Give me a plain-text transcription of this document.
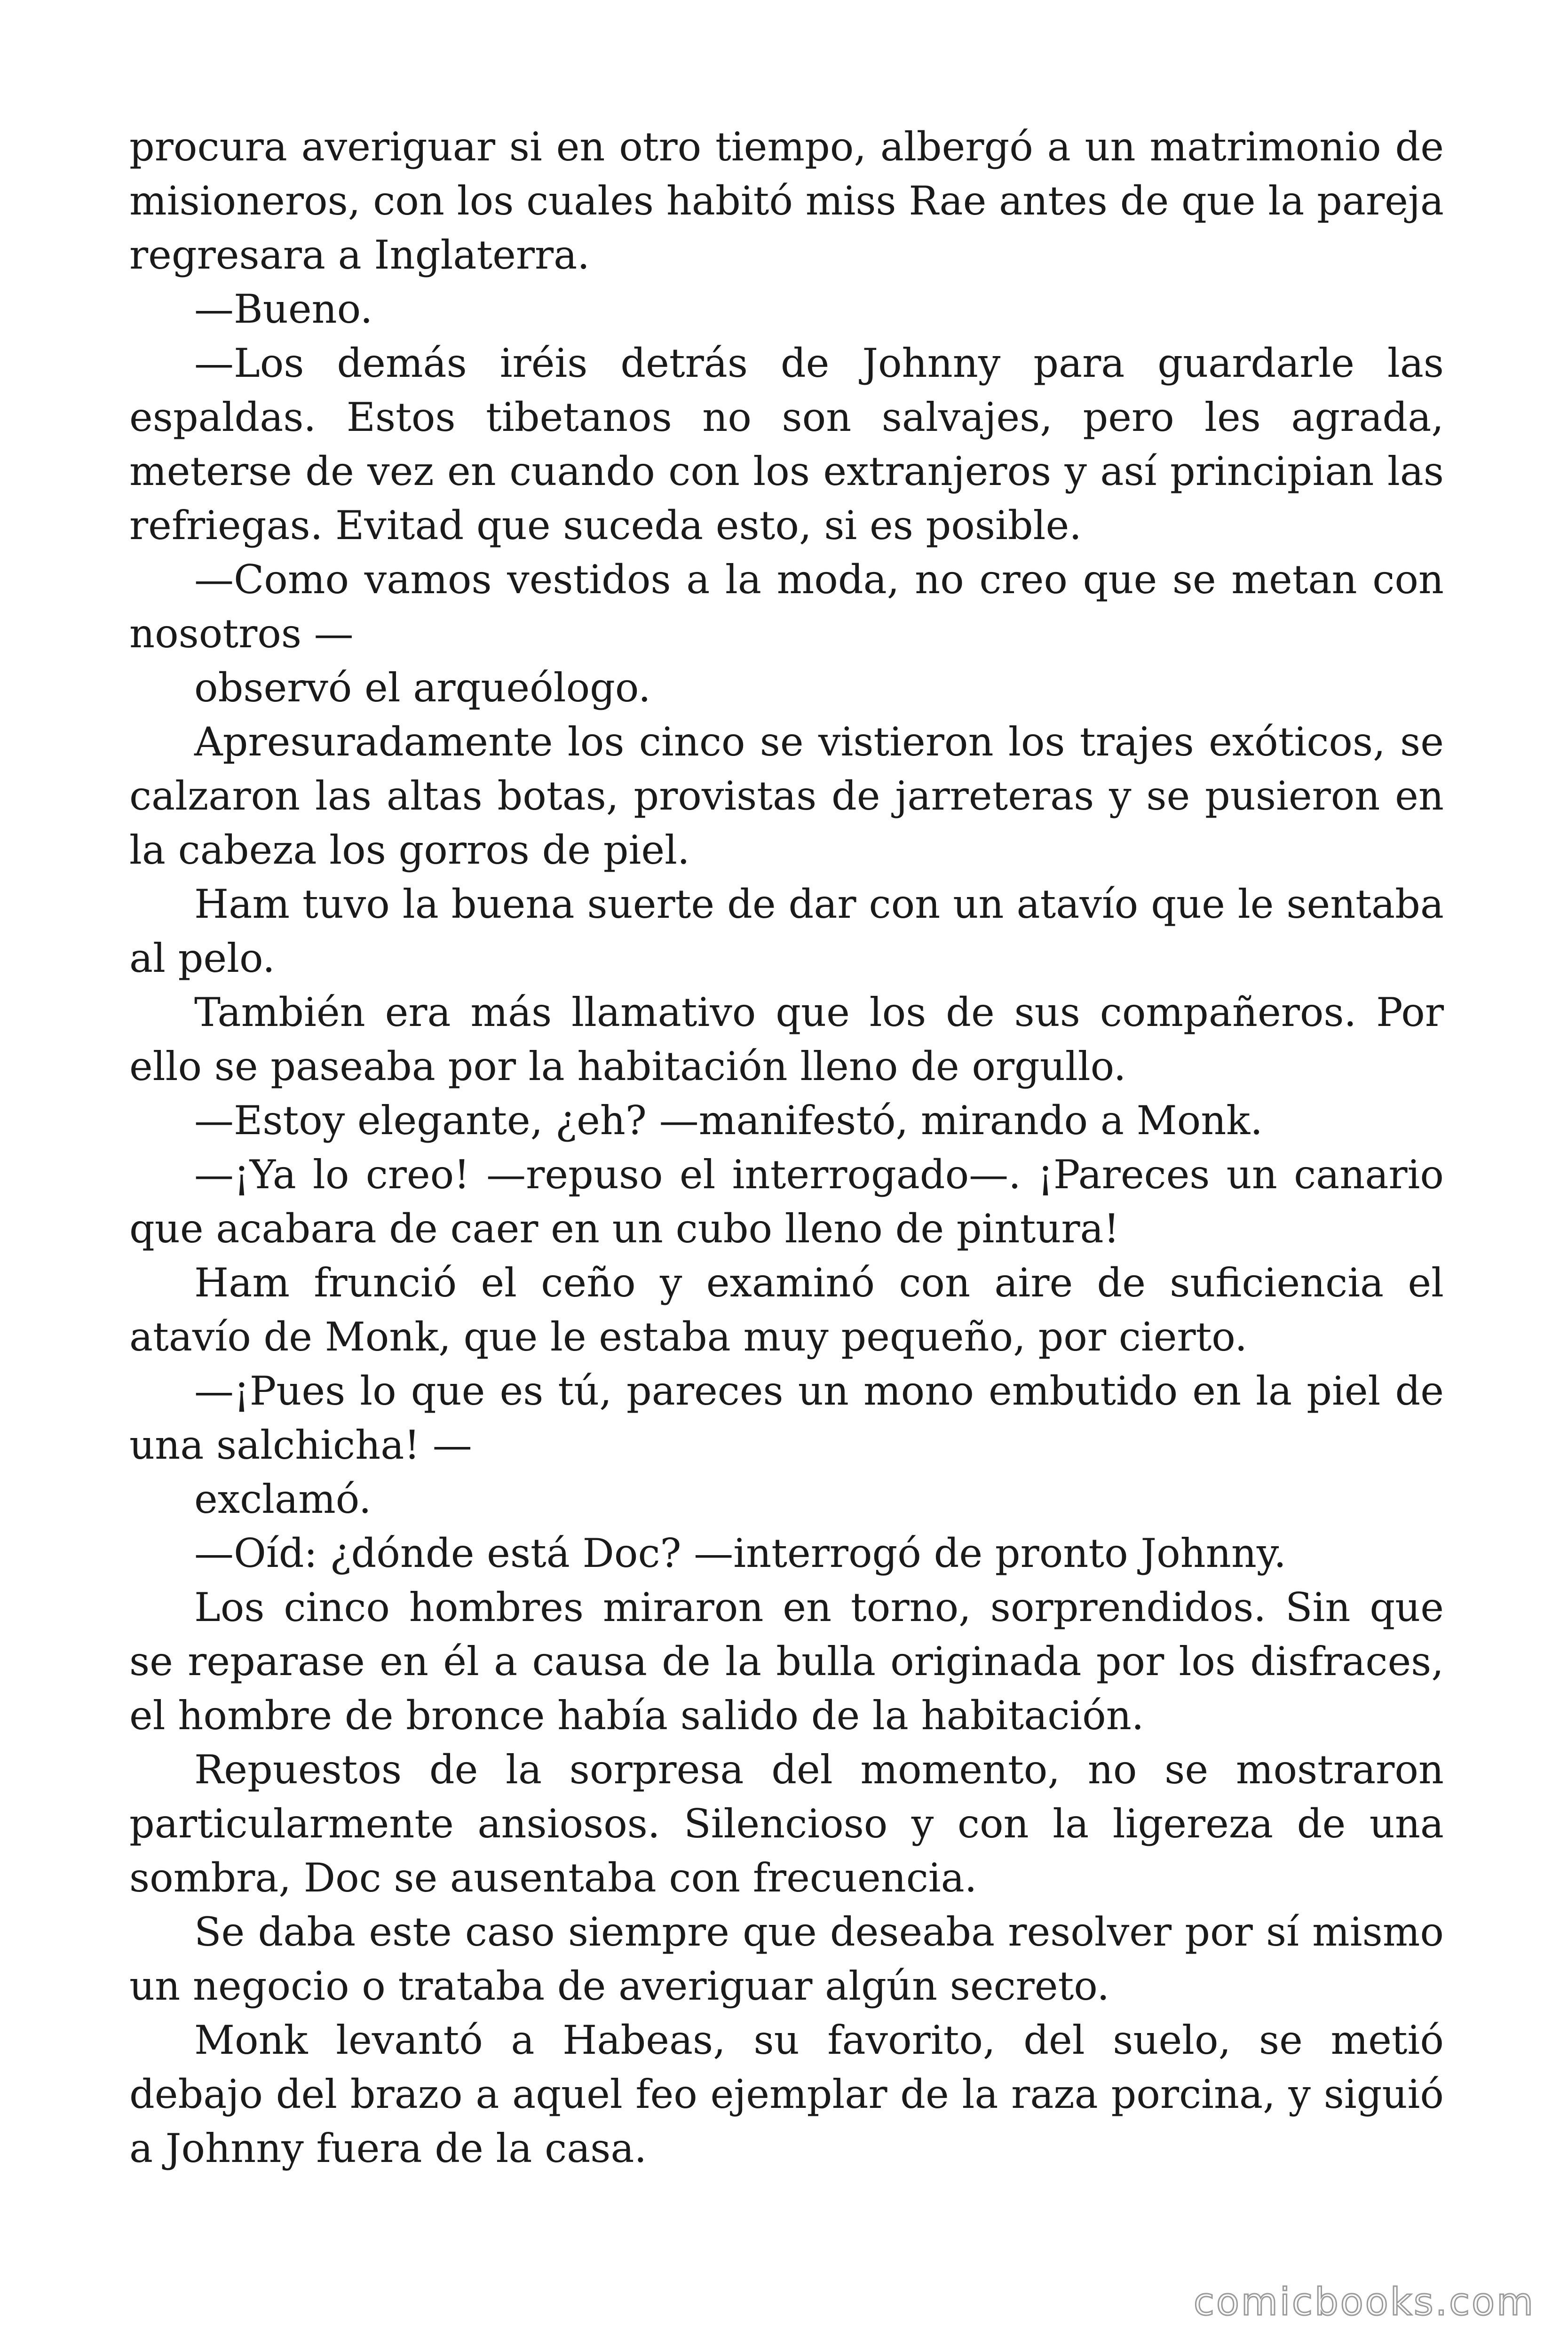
procura averiguar si en otro tiempo, albergó a un matrimonio de misioneros, con los cuales habitó miss Rae antes de que la pareja regresara a Inglaterra.

—Bueno.

—Los demás iréis detrás de Johnny para guardarle las espaldas. Estos tibetanos no son salvajes, pero les agrada, meterse de vez en cuando con los extranjeros y así principian las refriegas. Evitad que suceda esto, si es posible.

—Como vamos vestidos a la moda, no creo que se metan con nosotros —

observó el arqueólogo.

Apresuradamente los cinco se vistieron los trajes exóticos, se calzaron las altas botas, provistas de jarreteras y se pusieron en la cabeza los gorros de piel.

Ham tuvo la buena suerte de dar con un atavío que le sentaba al pelo.

También era más llamativo que los de sus compañeros. Por ello se paseaba por la habitación lleno de orgullo.

—Estoy elegante, ¿eh? —manifestó, mirando a Monk.

—¡Ya lo creo! —repuso el interrogado—. ¡Pareces un canario que acabara de caer en un cubo lleno de pintura!

Ham frunció el ceño y examinó con aire de suficiencia el atavío de Monk, que le estaba muy pequeño, por cierto.

—¡Pues lo que es tú, pareces un mono embutido en la piel de una salchicha! —

exclamó.

—Oíd: ¿dónde está Doc? —interrogó de pronto Johnny.

Los cinco hombres miraron en torno, sorprendidos. Sin que se reparase en él a causa de la bulla originada por los disfraces, el hombre de bronce había salido de la habitación.

Repuestos de la sorpresa del momento, no se mostraron particularmente ansiosos. Silencioso y con la ligereza de una sombra, Doc se ausentaba con frecuencia.

Se daba este caso siempre que deseaba resolver por sí mismo un negocio o trataba de averiguar algún secreto.

Monk levantó a Habeas, su favorito, del suelo, se metió debajo del brazo a aquel feo ejemplar de la raza porcina, y siguió a Johnny fuera de la casa.

comicbooks.com
